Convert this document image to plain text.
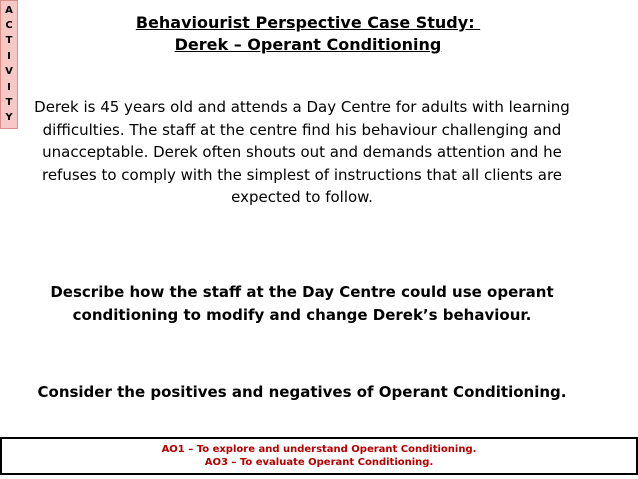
A
C
T
I
V
I
T
Y
Behaviourist Perspective Case Study:
Derek – Operant Conditioning

Derek is 45 years old and attends a Day Centre for adults with learning difficulties. The staff at the centre find his behaviour challenging and unacceptable. Derek often shouts out and demands attention and he refuses to comply with the simplest of instructions that all clients are expected to follow.

Describe how the staff at the Day Centre could use operant conditioning to modify and change Derek’s behaviour.

Consider the positives and negatives of Operant Conditioning.

AO1 – To explore and understand Operant Conditioning.
AO3 – To evaluate Operant Conditioning.
